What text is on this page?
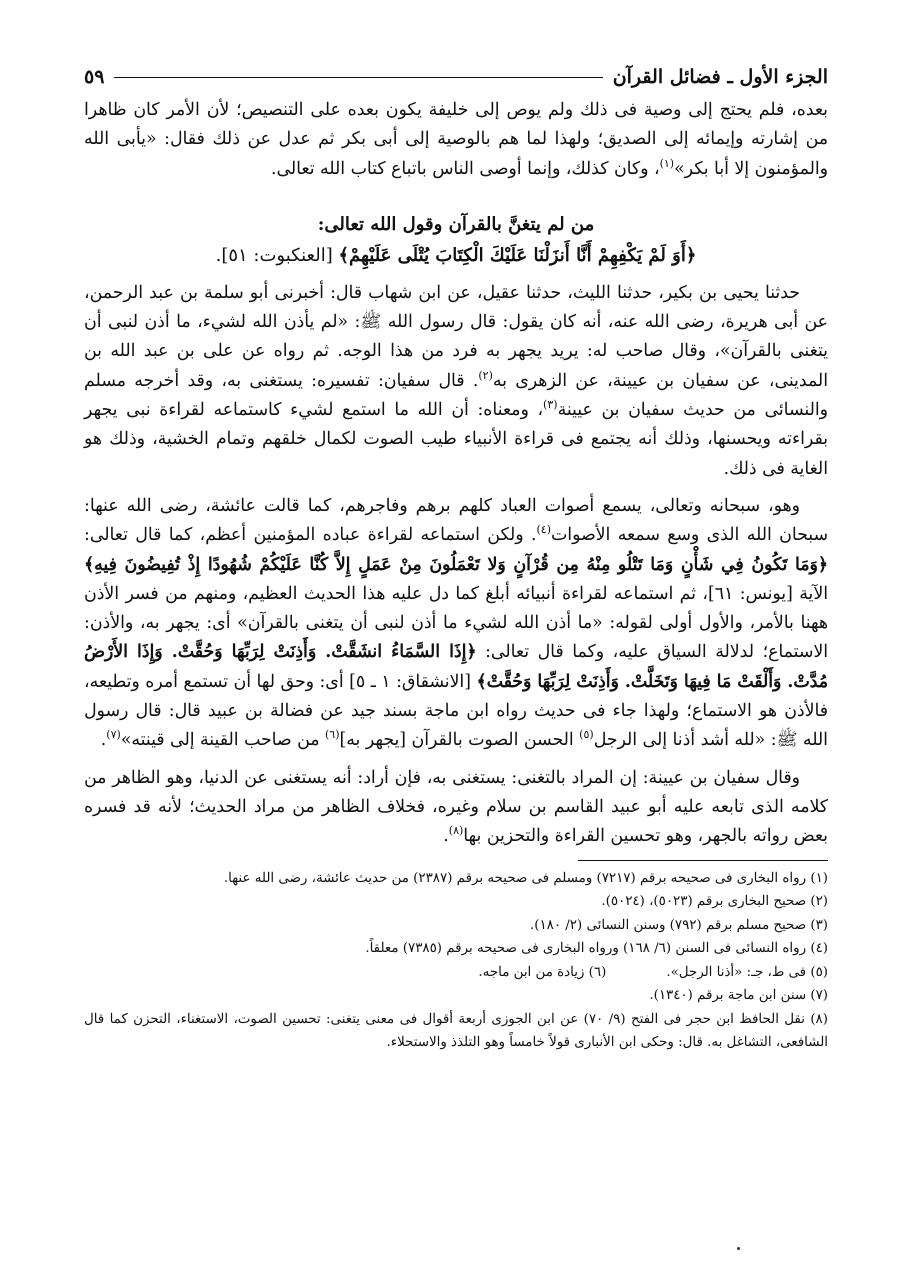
الجزء الأول ـ فضائل القرآن
٥٩

بعده، فلم يحتج إلى وصية فى ذلك ولم يوص إلى خليفة يكون بعده على التنصيص؛ لأن الأمر كان ظاهرا من إشارته وإيمائه إلى الصديق؛ ولهذا لما هم بالوصية إلى أبى بكر ثم عدل عن ذلك فقال: «يأبى الله والمؤمنون إلا أبا بكر»$^{(١)}$، وكان كذلك، وإنما أوصى الناس باتباع كتاب الله تعالى.

من لم يتغنَّ بالقرآن وقول الله تعالى:

﴿أَوَ لَمْ يَكْفِهِمْ أَنَّا أَنزَلْنَا عَلَيْكَ الْكِتَابَ يُتْلَى عَلَيْهِمْ﴾ [العنكبوت: ٥١].

حدثنا يحيى بن بكير، حدثنا الليث، حدثنا عقيل، عن ابن شهاب قال: أخبرنى أبو سلمة بن عبد الرحمن، عن أبى هريرة، رضى الله عنه، أنه كان يقول: قال رسول الله ﷺ: «لم يأذن الله لشيء، ما أذن لنبى أن يتغنى بالقرآن»، وقال صاحب له: يريد يجهر به فرد من هذا الوجه. ثم رواه عن على بن عبد الله بن المدينى، عن سفيان بن عيينة، عن الزهرى به$^{(٢)}$. قال سفيان: تفسيره: يستغنى به، وقد أخرجه مسلم والنسائى من حديث سفيان بن عيينة$^{(٣)}$، ومعناه: أن الله ما استمع لشيء كاستماعه لقراءة نبى يجهر بقراءته ويحسنها، وذلك أنه يجتمع فى قراءة الأنبياء طيب الصوت لكمال خلقهم وتمام الخشية، وذلك هو الغاية فى ذلك.

وهو، سبحانه وتعالى، يسمع أصوات العباد كلهم برهم وفاجرهم، كما قالت عائشة، رضى الله عنها: سبحان الله الذى وسع سمعه الأصوات$^{(٤)}$. ولكن استماعه لقراءة عباده المؤمنين أعظم، كما قال تعالى: ﴿وَمَا تَكُونُ فِي شَأْنٍ وَمَا تَتْلُو مِنْهُ مِن قُرْآنٍ وَلا تَعْمَلُونَ مِنْ عَمَلٍ إِلاَّ كُنَّا عَلَيْكُمْ شُهُودًا إِذْ تُفِيضُونَ فِيهِ﴾ الآية [يونس: ٦١]، ثم استماعه لقراءة أنبيائه أبلغ كما دل عليه هذا الحديث العظيم، ومنهم من فسر الأذن ههنا بالأمر، والأول أولى لقوله: «ما أذن الله لشيء ما أذن لنبى أن يتغنى بالقرآن» أى: يجهر به، والأذن: الاستماع؛ لدلالة السياق عليه، وكما قال تعالى: ﴿إِذَا السَّمَاءُ انشَقَّتْ. وَأَذِنَتْ لِرَبِّهَا وَحُقَّتْ. وَإِذَا الأَرْضُ مُدَّتْ. وَأَلْقَتْ مَا فِيهَا وَتَخَلَّتْ. وَأَذِنَتْ لِرَبِّهَا وَحُقَّتْ﴾ [الانشقاق: ١ ـ ٥] أى: وحق لها أن تستمع أمره وتطيعه، فالأذن هو الاستماع؛ ولهذا جاء فى حديث رواه ابن ماجة بسند جيد عن فضالة بن عبيد قال: قال رسول الله ﷺ: «لله أشد أذنا إلى الرجل$^{(٥)}$ الحسن الصوت بالقرآن [يجهر به]$^{(٦)}$ من صاحب القينة إلى قينته»$^{(٧)}$.

وقال سفيان بن عيينة: إن المراد بالتغنى: يستغنى به، فإن أراد: أنه يستغنى عن الدنيا، وهو الظاهر من كلامه الذى تابعه عليه أبو عبيد القاسم بن سلام وغيره، فخلاف الظاهر من مراد الحديث؛ لأنه قد فسره بعض رواته بالجهر، وهو تحسين القراءة والتحزين بها$^{(٨)}$.

(١) رواه البخارى فى صحيحه برقم (٧٢١٧) ومسلم فى صحيحه برقم (٢٣٨٧) من حديث عائشة، رضى الله عنها.

(٢) صحيح البخارى برقم (٥٠٢٣)، (٥٠٢٤).

(٣) صحيح مسلم برقم (٧٩٢) وسنن النسائى (٢/ ١٨٠).

(٤) رواه النسائى فى السنن (٦/ ١٦٨) ورواه البخارى فى صحيحه برقم (٧٣٨٥) معلقاً.

(٥) فى ط، جـ: «أذنا الرجل».
(٦) زيادة من ابن ماجه.

(٧) سنن ابن ماجة برقم (١٣٤٠).

(٨) نقل الحافظ ابن حجر فى الفتح (٩/ ٧٠) عن ابن الجوزى أربعة أقوال فى معنى يتغنى: تحسين الصوت، الاستغناء، التحزن كما قال الشافعى، التشاغل به. قال: وحكى ابن الأنبارى قولاً خامساً وهو التلذذ والاستحلاء.
